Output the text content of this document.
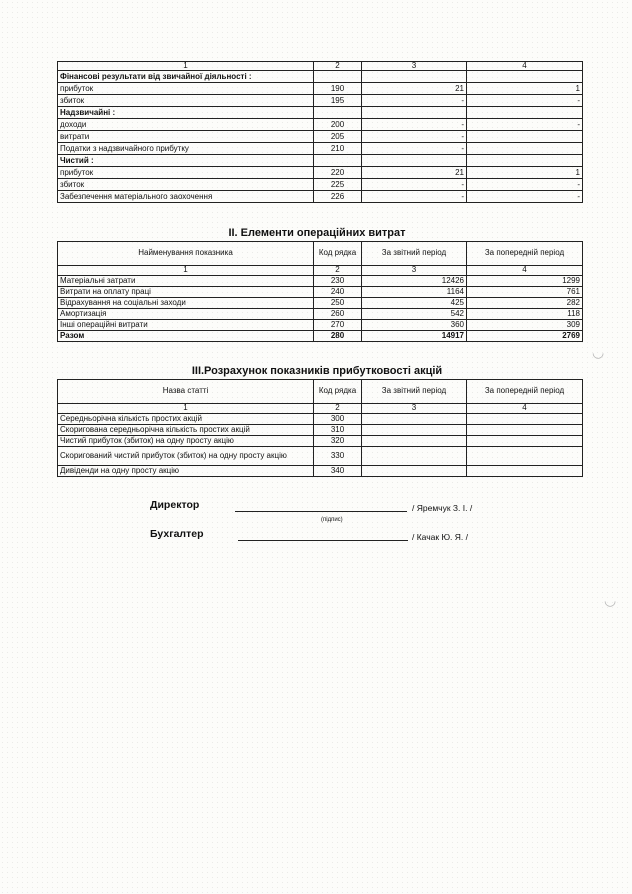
1	2	3	4
Фінансові результати від звичайної діяльності :			
прибуток	190	21	1
збиток	195	-	-
Надзвичайні :			
доходи	200	-	-
витрати	205	-	
Податки з надзвичайного прибутку	210	-	
Чистий :			
прибуток	220	21	1
збиток	225	-	-
Забезпечення матеріального заохочення	226	-	-
II. Елементи операційних витрат
Найменування показника	Код рядка	За звітний період	За попередній період
1	2	3	4
Матеріальні затрати	230	12426	1299
Витрати на оплату праці	240	1164	761
Відрахування на соціальні заходи	250	425	282
Амортизація	260	542	118
Інші операційні витрати	270	360	309
Разом	280	14917	2769
III.Розрахунок показників прибутковості акцій
Назва статті	Код рядка	За звітний період	За попередній період
1	2	3	4
Середньорічна кількість простих акцій	300		
Скоригована середньорічна кількість простих акцій	310		
Чистий прибуток (збиток) на одну просту акцію	320		
Скоригований чистий прибуток (збиток) на одну просту акцію	330		
Дивіденди на одну просту акцію	340		
Директор	/ Яремчук З. І. /
(підпис)
Бухгалтер	/ Качак Ю. Я. /
◡
◡
